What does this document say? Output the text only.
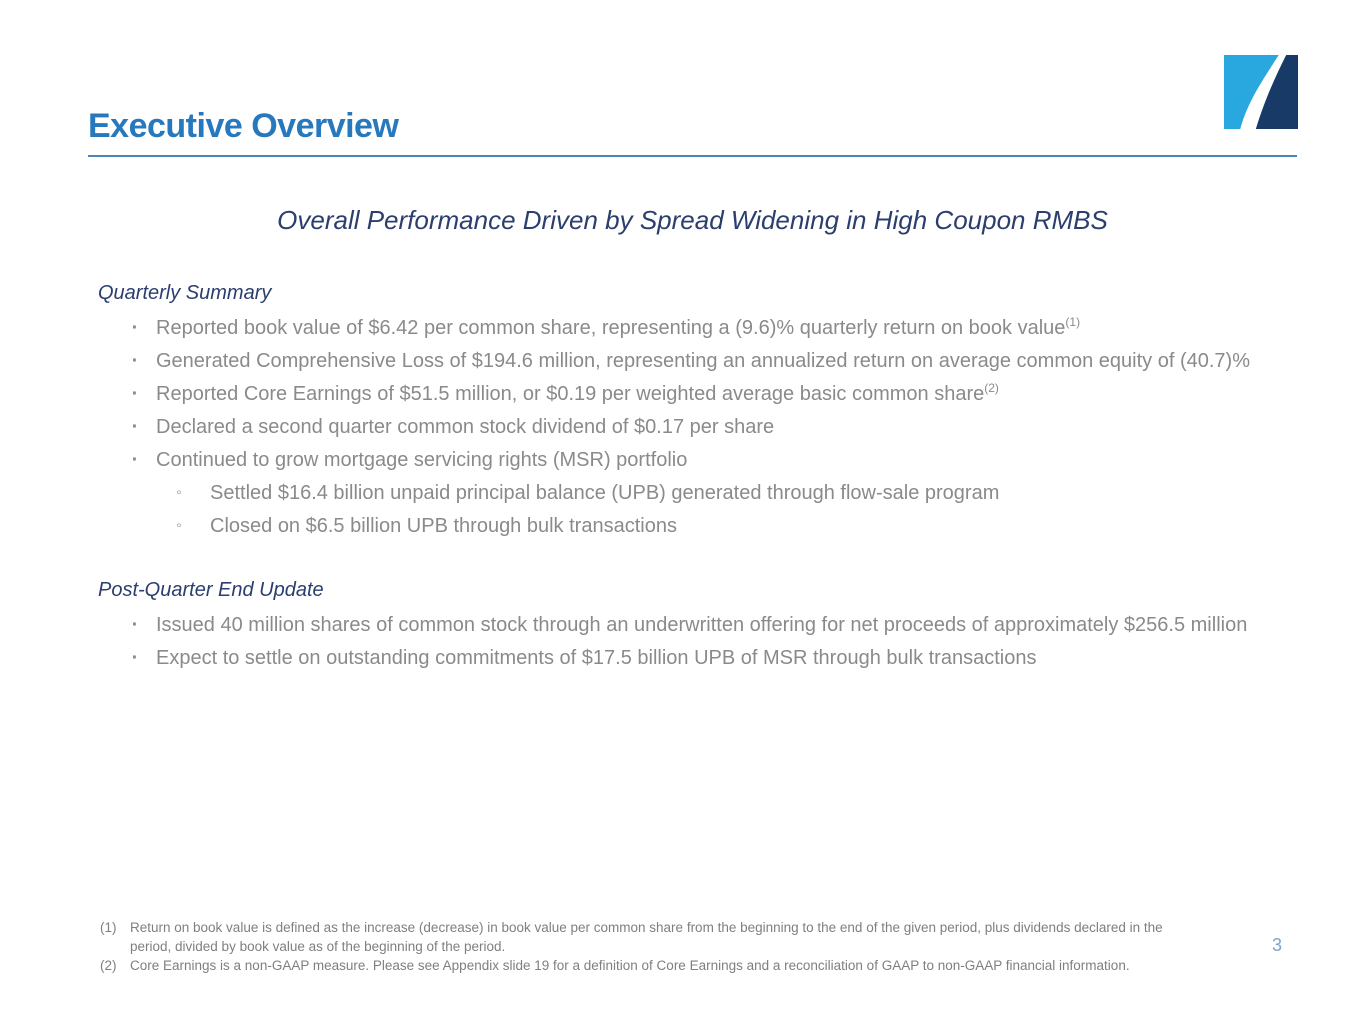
Executive Overview
Overall Performance Driven by Spread Widening in High Coupon RMBS
Quarterly Summary
·
Reported book value of $6.42 per common share, representing a (9.6)% quarterly return on book value$^{(1)}$
·
Generated Comprehensive Loss of $194.6 million, representing an annualized return on average common equity of (40.7)%
·
Reported Core Earnings of $51.5 million, or $0.19 per weighted average basic common share$^{(2)}$
·
Declared a second quarter common stock dividend of $0.17 per share
·
Continued to grow mortgage servicing rights (MSR) portfolio
◦
Settled $16.4 billion unpaid principal balance (UPB) generated through flow-sale program
◦
Closed on $6.5 billion UPB through bulk transactions
Post-Quarter End Update
·
Issued 40 million shares of common stock through an underwritten offering for net proceeds of approximately $256.5 million
·
Expect to settle on outstanding commitments of $17.5 billion UPB of MSR through bulk transactions
(1)	Return on book value is defined as the increase (decrease) in book value per common share from the beginning to the end of the given period, plus dividends declared in the period, divided by book value as of the beginning of the period.
(2)	Core Earnings is a non-GAAP measure. Please see Appendix slide 19 for a definition of Core Earnings and a reconciliation of GAAP to non-GAAP financial information.
3
